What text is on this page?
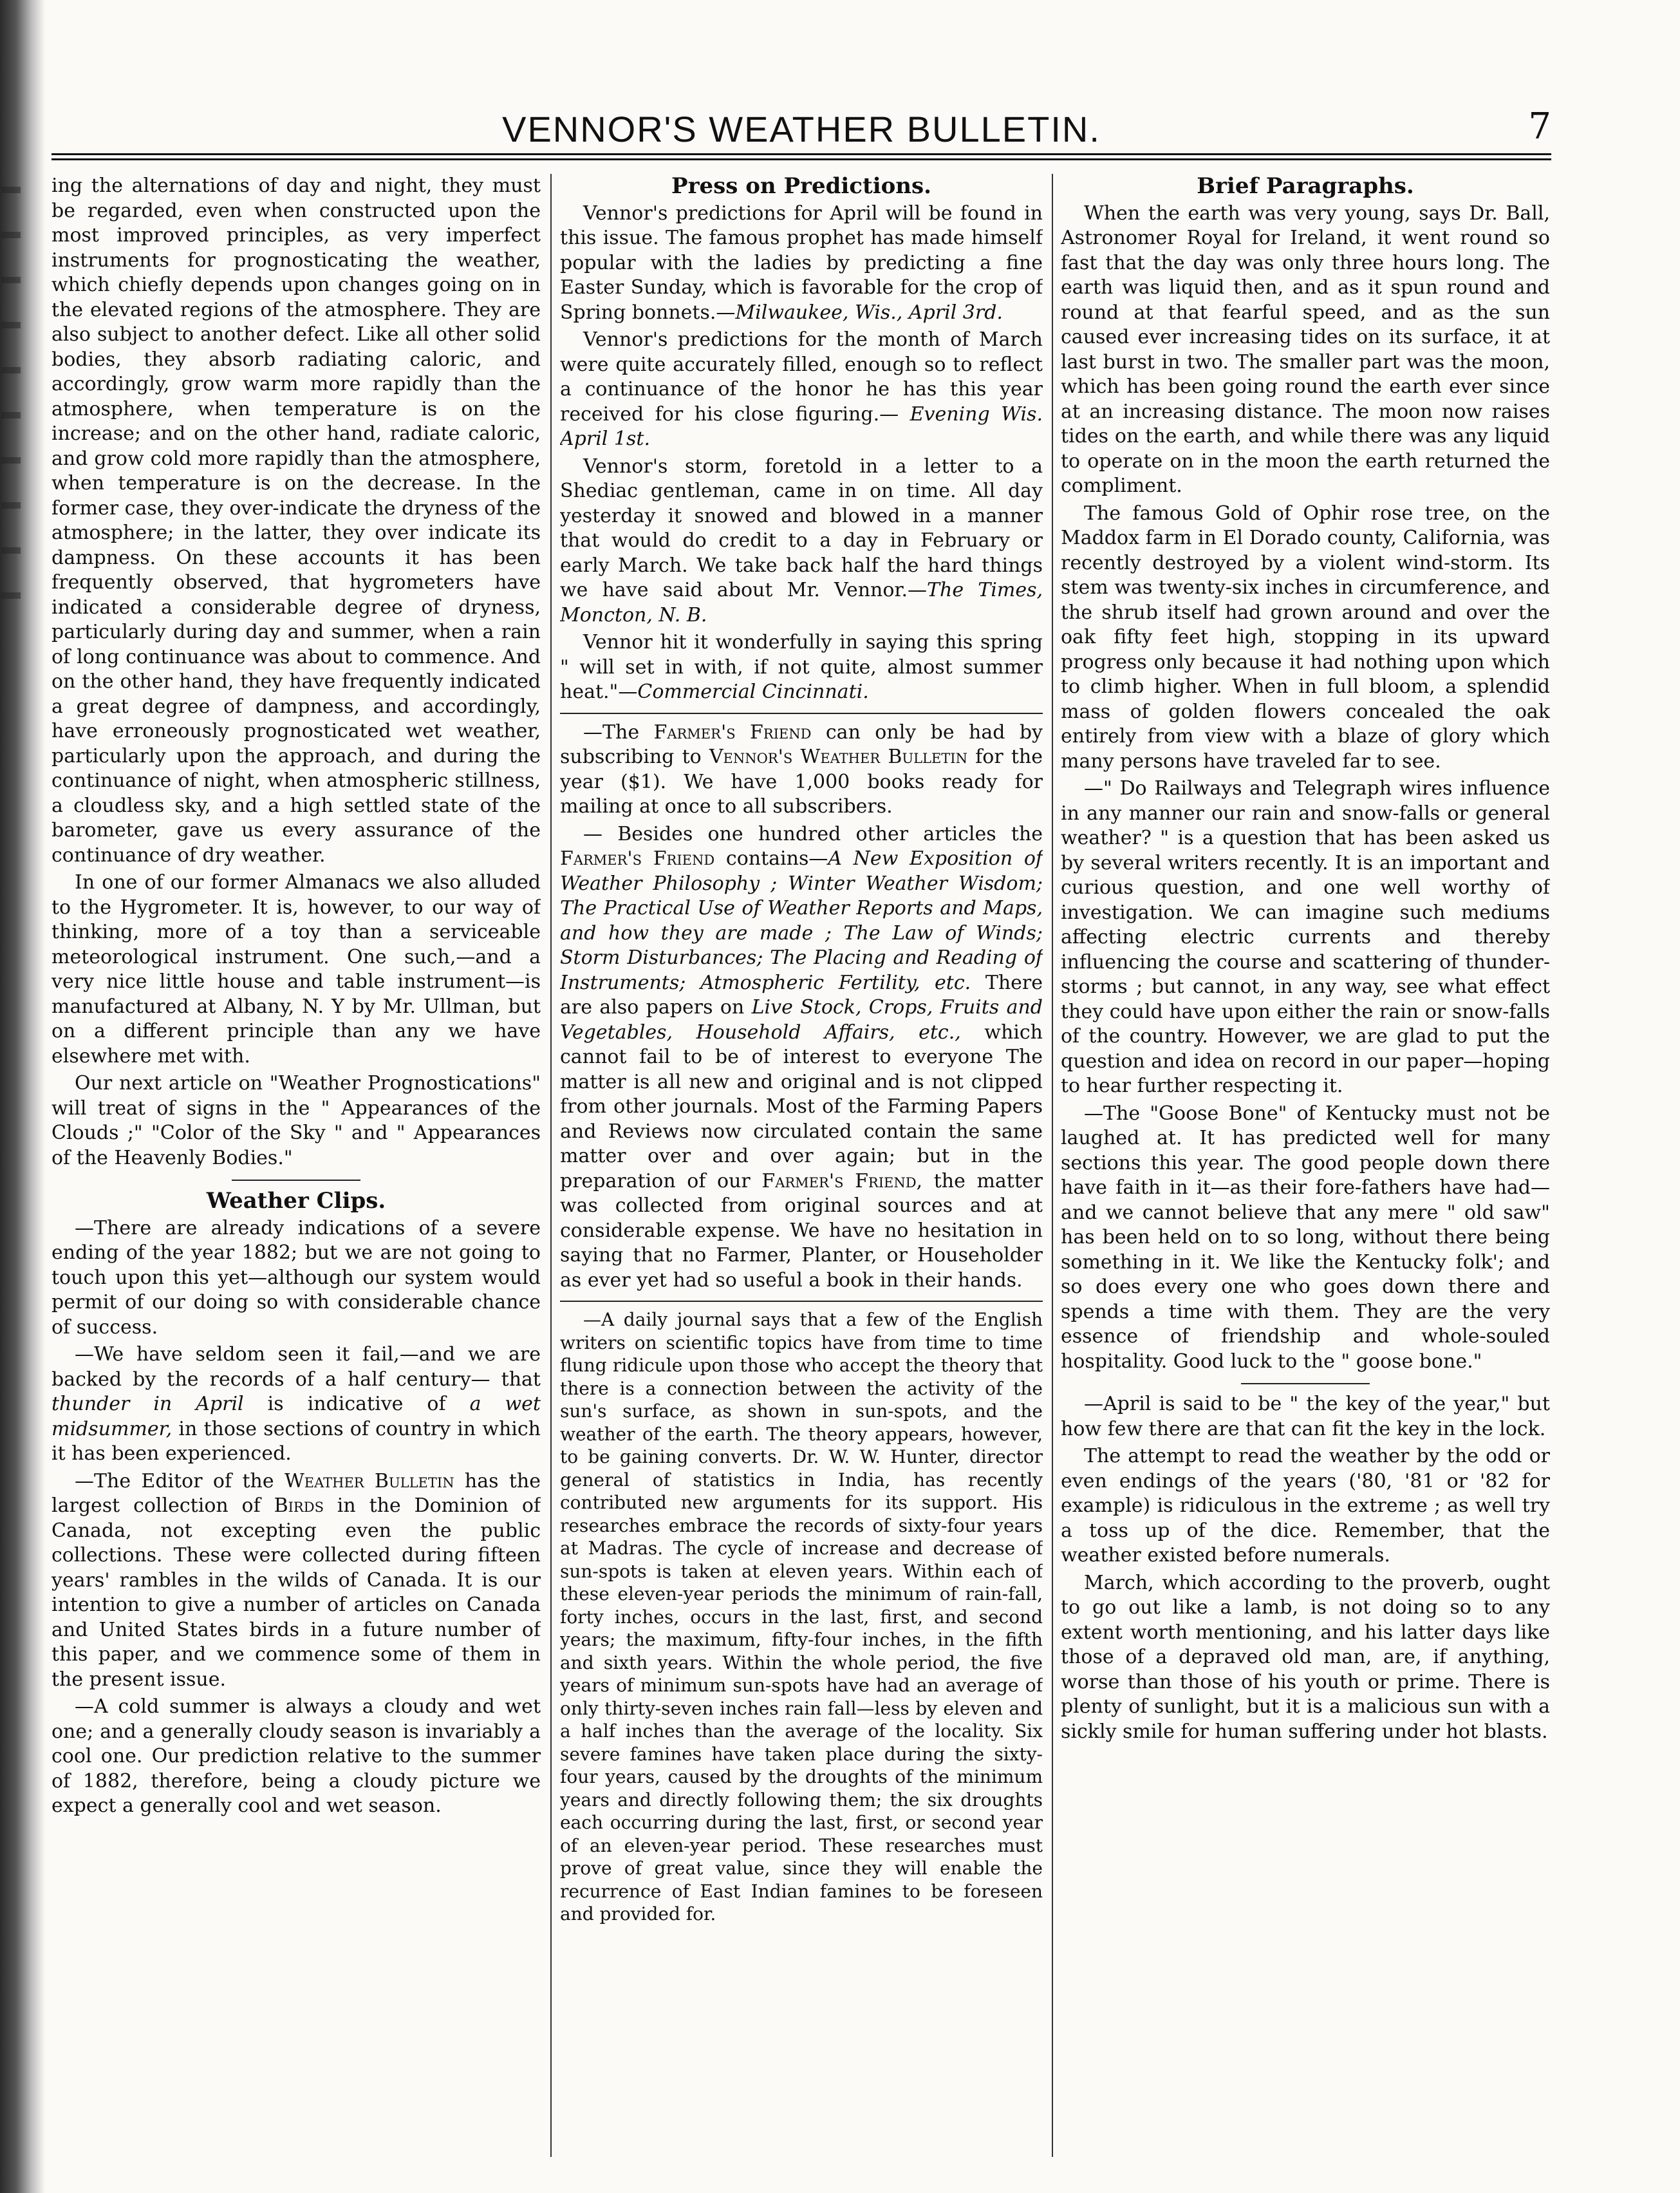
VENNOR'S WEATHER BULLETIN.	7

ing the alternations of day and night, they must be regarded, even when constructed upon the most improved principles, as very imperfect instruments for prognosticating the weather, which chiefly depends upon changes going on in the elevated regions of the atmosphere. They are also subject to another defect. Like all other solid bodies, they absorb radiating caloric, and accordingly, grow warm more rapidly than the atmosphere, when temperature is on the increase; and on the other hand, radiate caloric, and grow cold more rapidly than the atmosphere, when temperature is on the decrease. In the former case, they over-indicate the dryness of the atmosphere; in the latter, they over indicate its dampness. On these accounts it has been frequently observed, that hygrometers have indicated a considerable degree of dryness, particularly during day and summer, when a rain of long continuance was about to commence. And on the other hand, they have frequently indicated a great degree of dampness, and accordingly, have erroneously prognosticated wet weather, particularly upon the approach, and during the continuance of night, when atmospheric stillness, a cloudless sky, and a high settled state of the barometer, gave us every assurance of the continuance of dry weather.

In one of our former Almanacs we also alluded to the Hygrometer. It is, however, to our way of thinking, more of a toy than a serviceable meteorological instrument. One such,—and a very nice little house and table instrument—is manufactured at Albany, N. Y by Mr. Ullman, but on a different principle than any we have elsewhere met with.

Our next article on "Weather Prognostications" will treat of signs in the " Appearances of the Clouds ;" "Color of the Sky " and " Appearances of the Heavenly Bodies."

Weather Clips.

—There are already indications of a severe ending of the year 1882; but we are not going to touch upon this yet—although our system would permit of our doing so with considerable chance of success.

—We have seldom seen it fail,—and we are backed by the records of a half century— that thunder in April is indicative of a wet midsummer, in those sections of country in which it has been experienced.

—The Editor of the Weather Bulletin has the largest collection of Birds in the Dominion of Canada, not excepting even the public collections. These were collected during fifteen years' rambles in the wilds of Canada. It is our intention to give a number of articles on Canada and United States birds in a future number of this paper, and we commence some of them in the present issue.

—A cold summer is always a cloudy and wet one; and a generally cloudy season is invariably a cool one. Our prediction relative to the summer of 1882, therefore, being a cloudy picture we expect a generally cool and wet season.

Press on Predictions.

Vennor's predictions for April will be found in this issue. The famous prophet has made himself popular with the ladies by predicting a fine Easter Sunday, which is favorable for the crop of Spring bonnets.—Milwaukee, Wis., April 3rd.

Vennor's predictions for the month of March were quite accurately filled, enough so to reflect a continuance of the honor he has this year received for his close figuring.— Evening Wis. April 1st.

Vennor's storm, foretold in a letter to a Shediac gentleman, came in on time. All day yesterday it snowed and blowed in a manner that would do credit to a day in February or early March. We take back half the hard things we have said about Mr. Vennor.—The Times, Moncton, N. B.

Vennor hit it wonderfully in saying this spring " will set in with, if not quite, almost summer heat."—Commercial Cincinnati.

—The Farmer's Friend can only be had by subscribing to Vennor's Weather Bulletin for the year ($1). We have 1,000 books ready for mailing at once to all subscribers.

— Besides one hundred other articles the Farmer's Friend contains—A New Exposition of Weather Philosophy ; Winter Weather Wisdom; The Practical Use of Weather Reports and Maps, and how they are made ; The Law of Winds; Storm Disturbances; The Placing and Reading of Instruments; Atmospheric Fertility, etc. There are also papers on Live Stock, Crops, Fruits and Vegetables, Household Affairs, etc., which cannot fail to be of interest to everyone The matter is all new and original and is not clipped from other journals. Most of the Farming Papers and Reviews now circulated contain the same matter over and over again; but in the preparation of our Farmer's Friend, the matter was collected from original sources and at considerable expense. We have no hesitation in saying that no Farmer, Planter, or Householder as ever yet had so useful a book in their hands.

—A daily journal says that a few of the English writers on scientific topics have from time to time flung ridicule upon those who accept the theory that there is a connection between the activity of the sun's surface, as shown in sun-spots, and the weather of the earth. The theory appears, however, to be gaining converts. Dr. W. W. Hunter, director general of statistics in India, has recently contributed new arguments for its support. His researches embrace the records of sixty-four years at Madras. The cycle of increase and decrease of sun-spots is taken at eleven years. Within each of these eleven-year periods the minimum of rain-fall, forty inches, occurs in the last, first, and second years; the maximum, fifty-four inches, in the fifth and sixth years. Within the whole period, the five years of minimum sun-spots have had an average of only thirty-seven inches rain fall—less by eleven and a half inches than the average of the locality. Six severe famines have taken place during the sixty-four years, caused by the droughts of the minimum years and directly following them; the six droughts each occurring during the last, first, or second year of an eleven-year period. These researches must prove of great value, since they will enable the recurrence of East Indian famines to be foreseen and provided for.

Brief Paragraphs.

When the earth was very young, says Dr. Ball, Astronomer Royal for Ireland, it went round so fast that the day was only three hours long. The earth was liquid then, and as it spun round and round at that fearful speed, and as the sun caused ever increasing tides on its surface, it at last burst in two. The smaller part was the moon, which has been going round the earth ever since at an increasing distance. The moon now raises tides on the earth, and while there was any liquid to operate on in the moon the earth returned the compliment.

The famous Gold of Ophir rose tree, on the Maddox farm in El Dorado county, California, was recently destroyed by a violent wind-storm. Its stem was twenty-six inches in circumference, and the shrub itself had grown around and over the oak fifty feet high, stopping in its upward progress only because it had nothing upon which to climb higher. When in full bloom, a splendid mass of golden flowers concealed the oak entirely from view with a blaze of glory which many persons have traveled far to see.

—" Do Railways and Telegraph wires influence in any manner our rain and snow-falls or general weather? " is a question that has been asked us by several writers recently. It is an important and curious question, and one well worthy of investigation. We can imagine such mediums affecting electric currents and thereby influencing the course and scattering of thunder-storms ; but cannot, in any way, see what effect they could have upon either the rain or snow-falls of the country. However, we are glad to put the question and idea on record in our paper—hoping to hear further respecting it.

—The "Goose Bone" of Kentucky must not be laughed at. It has predicted well for many sections this year. The good people down there have faith in it—as their fore-fathers have had—and we cannot believe that any mere " old saw" has been held on to so long, without there being something in it. We like the Kentucky folk'; and so does every one who goes down there and spends a time with them. They are the very essence of friendship and whole-souled hospitality. Good luck to the " goose bone."

—April is said to be " the key of the year," but how few there are that can fit the key in the lock.

The attempt to read the weather by the odd or even endings of the years ('80, '81 or '82 for example) is ridiculous in the extreme ; as well try a toss up of the dice. Remember, that the weather existed before numerals.

March, which according to the proverb, ought to go out like a lamb, is not doing so to any extent worth mentioning, and his latter days like those of a depraved old man, are, if anything, worse than those of his youth or prime. There is plenty of sunlight, but it is a malicious sun with a sickly smile for human suffering under hot blasts.
